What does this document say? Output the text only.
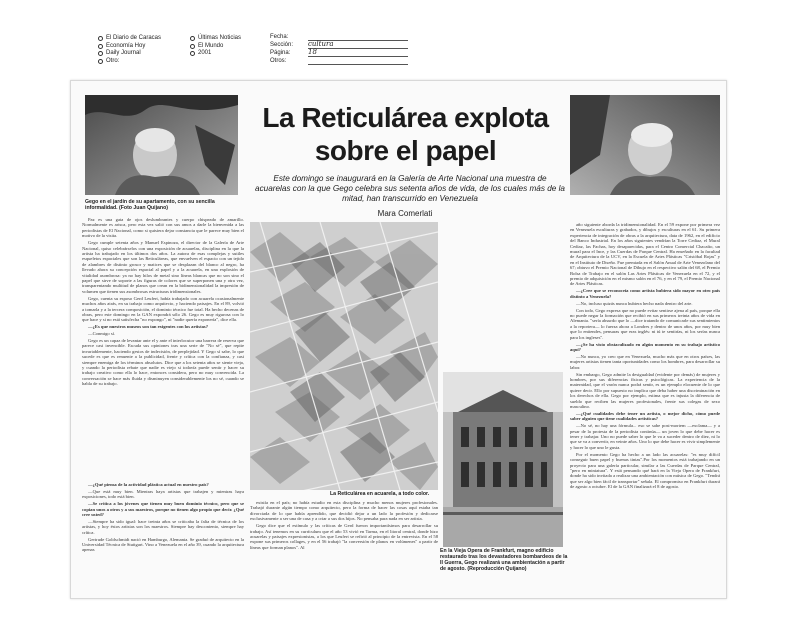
El Diario de Caracas
Economía Hoy
Daily Journal
Otro:
Últimas Noticias
El Mundo
2001
Fecha:
Sección:	cultura
Página:	18
Otros:
Gego en el jardín de su apartamento, con su sencilla informalidad. (Foto Juan Quijano)
La Reticulárea explota
sobre el papel
Este domingo se inaugurará en la Galería de Arte Nacional una muestra de acuarelas con la que Gego celebra sus setenta años de vida, de los cuales más de la mitad, han transcurrido en Venezuela
Mara Comerlati

Paz es una gata de ojos deslumbrantes y cuerpo chispeado de amarillo. Normalmente es arisca, pero esta vez salió con sus amos a darle la bienvenida a las periodistas de El Nacional, como si quisiera dejar constancia que le parece muy bien el motivo de la visita.

Gego cumple setenta años y Manuel Espinoza, el director de la Galería de Arte Nacional, quiso celebrárselos con una exposición de acuarelas, disciplina en la que la artista ha trabajado en los últimos dos años. La autora de esas complejas y sutiles esqueletos espaciales que son las Reticuláreas, que envuelven el espacio con un tejido de alambres de distinto grosor y matices que se desplazan del blanco al negro, ha llevado ahora su concepción espacial al papel y a la acuarela, en una explosión de vitalidad asombrosa: ya no hay hilos de metal sino líneas blancas que no son sino el papel que sirve de soporte a las figuras de colores que se superponen una y otra vez, transparentando multitud de planos que crean en la bidimensionalidad la impresión de volumen que tienen sus asombrosas estructuras tridimensionales.

Gego, cuenta su esposo Gerd Leufert, había trabajado con acuarela ocasionalmente muchos años atrás, en su trabajo como arquitecto, y haciendo paisajes. En el 89, volvió a tomarla y a la tercera composición, el dominio técnico fue total. Ha hecho decenas de obras, pero este domingo en la GAN expondrá sólo 26. Gego es muy rigurosa con lo que hace y si no está satisfecha "no expongo", ni "nadie quería exponería", dice ella.

—¿Es que nuestros museos son tan exigentes con los artistas?

—Conmigo sí.

Gego es un capaz de levantar ante el y ante el interlocutor una barrera de reserva que parece casi invencible. Escuda sus opiniones tras una serie de "No sé", que repite invariablemente, haciendo gestos de indecisión, de perplejidad. Y Gego sí sabe, lo que sucede es que es renuente a la publicidad, frente y crítica con la confianza, y casi siempre enemiga de los términos absolutos. Dice que a los setenta años se siente vieja, y cuando la periodista rebate que nadie es viejo si todavía puede sentir y hacer su trabajo creativo como ella lo hace, entonces considera, pero no muy convencida. La conversación se hace más fluida y disminuyen considerablemente los no sé, cuando se habla de su trabajo.

—¿Qué piensa de la actividad plástica actual en nuestro país?

—Que está muy bien. Mientras haya artistas que trabajen y mientras haya exposiciones, todo está bien.

—Se critica a los jóvenes que tienen muy buen dominio técnico, pero que se copian unos a otros y a sus maestros, porque no tienen algo propio que decir. ¿Qué cree usted?

—Siempre ha sido igual: hace treinta años se criticaba la falta de técnica de los artistas, y hoy éstos artistas son los maestros. Siempre hay descontento, siempre hay crítica.

Gertrude Goldschmidt nació en Hamburgo, Alemania. Se graduó de arquitecto en la Universidad Técnica de Stuttgart. Vino a Venezuela en el año 39, cuando la arquitectura apenas

La Reticulárea en acuarela, a todo color.

existía en el país; no había estudio en esta disciplina y mucho menos mujeres profesionales. Trabajó durante algún tiempo como arquitecto, pero la forma de hacer las cosas aquí estaba tan divorciada de lo que había aprendido, que decidió dejar a un lado la profesión y dedicarse exclusivamente a ser una de casa y a criar a sus dos hijos. No pensaba para nada en ser artista.

Gego dice que el estímulo y las críticas de Gerd fueron importantísimos para desarrollar su trabajo. Así tenemos en su currículum que el año 53 vivió en Tarma, en el litoral central, donde hizo acuarelas y paisajes expresionistas, a los que Leufert se refirió al principio de la entrevista. En el 58 expone sus primeros collages, y en el 56 trabajó "la conversión de planos en volúmenes" a partir de líneas que forman planos". Al

En la Vieja Opera de Frankfurt, magno edificio restaurado tras los devastadores bombardeos de la II Guerra, Gego realizará una ambientación a partir de agosto. (Reproducción Quijano)

año siguiente aborda la tridimensionalidad. En el 59 expone por primera vez en Venezuela esculturas y grabados, y dibujos y esculturas en el 61. Su primera experiencia de integración de obras a la arquitectura, data de 1962, en el edificio del Banco Industrial. En los años siguientes vendrían la Torre Cediaz, el Mural Cediaz, las Fachas, hoy desaparecidas, para el Centro Comercial Chacaíto, un mural para el Ince, y las Cuerdas de Parque Central. Ha enseñado en la facultad de Arquitectura de la UCV, en la Escuela de Artes Plásticas "Cristóbal Rojas" y en el Instituto de Diseño. Fue premiada en el Salón Anual de Arte Venezolano del 67; obtuvo el Premio Nacional de Dibujo en el respectivo salón del 68, el Premio Bolsa de Trabajo en el salón Las Artes Plásticas de Venezuela en el 72, y el premio de adquisición en el mismo salón en el 76, y en el 79, el Premio Nacional de Artes Plásticas.

—¿Cree que se reconoceía como artista hubiera sido mayor en otro país distinto a Venezuela?

—No, incluso quizás nunca hubiera hecho nada dentro del arte.

Con todo, Gego expresa que no puede evitar sentirse ajena al país, porque ella no puede negar la formación que recibió en sus primeros treinta años de vida en Alemania. "sería absurdo que lo —dice tratando de comunicarle sus sentimientos a la reportera— lo fuerza ahora a Londres y dentro de unos años, por muy bien que lo entiendes, pensaras que eras inglés: ni tú te sentirías, ni los serías nunca para los ingleses".

—¿Se ha visto obstaculizado en algún momento en su trabajo artístico aquí?

—No nunca, yo creo que en Venezuela, mucho más que en otros países, las mujeres artistas tienen tanta oportunidades como los hombres, para desarrollar su labor.

Sin embargo, Gego admite la desigualdad (evidente por demás) de mujeres y hombres, por sus diferencias físicas y psicológicas. La experiencia de la maternidad, que el varón nunca podrá sentir, es un ejemplo elocuente de lo que quiere decir. Ello por supuesto no implica que deba haber una discriminación en los derechos de ella. Gego por ejemplo, estima que es injusta la diferencia de sueldo que reciben las mujeres profesionales, frente sus colegas de sexo masculino.

—¿Qué cualidades debe tener un artista, o mejor dicho, cómo puede saber alguien que tiene cualidades artísticas?

—No sé, no hay una fórmula... eso se sabe post-mortem —exclama— y a pesar de la protesta de la periodista continúa— un joven lo que debe hacer es tener y trabajar. Uno no puede saber lo que le va a suceder dentro de diez, ni lo que se va a convertir, en veinte años. Uno lo que debe hacer es vivir simplemente y hacer lo que uno le gusta.

Por el momento Gego ha hecho a un lado las acuarelas: "es muy difícil conseguir buen papel y buenas tintas".Por los momentos está trabajando en un proyecto para una galería particular, similar a las Cuerdas de Parque Central, "pero en miniatura". Y está pensando qué hará en la Vieja Opera de Frankfurt, donde ha sido invitada a realizar una ambientación con música de Gego. "Tendrá que ser algo bien fácil de transportar" señala. El compromiso en Frankfurt durará de agosto a octubre. El de la GAN finalizará el 8 de agosto.
